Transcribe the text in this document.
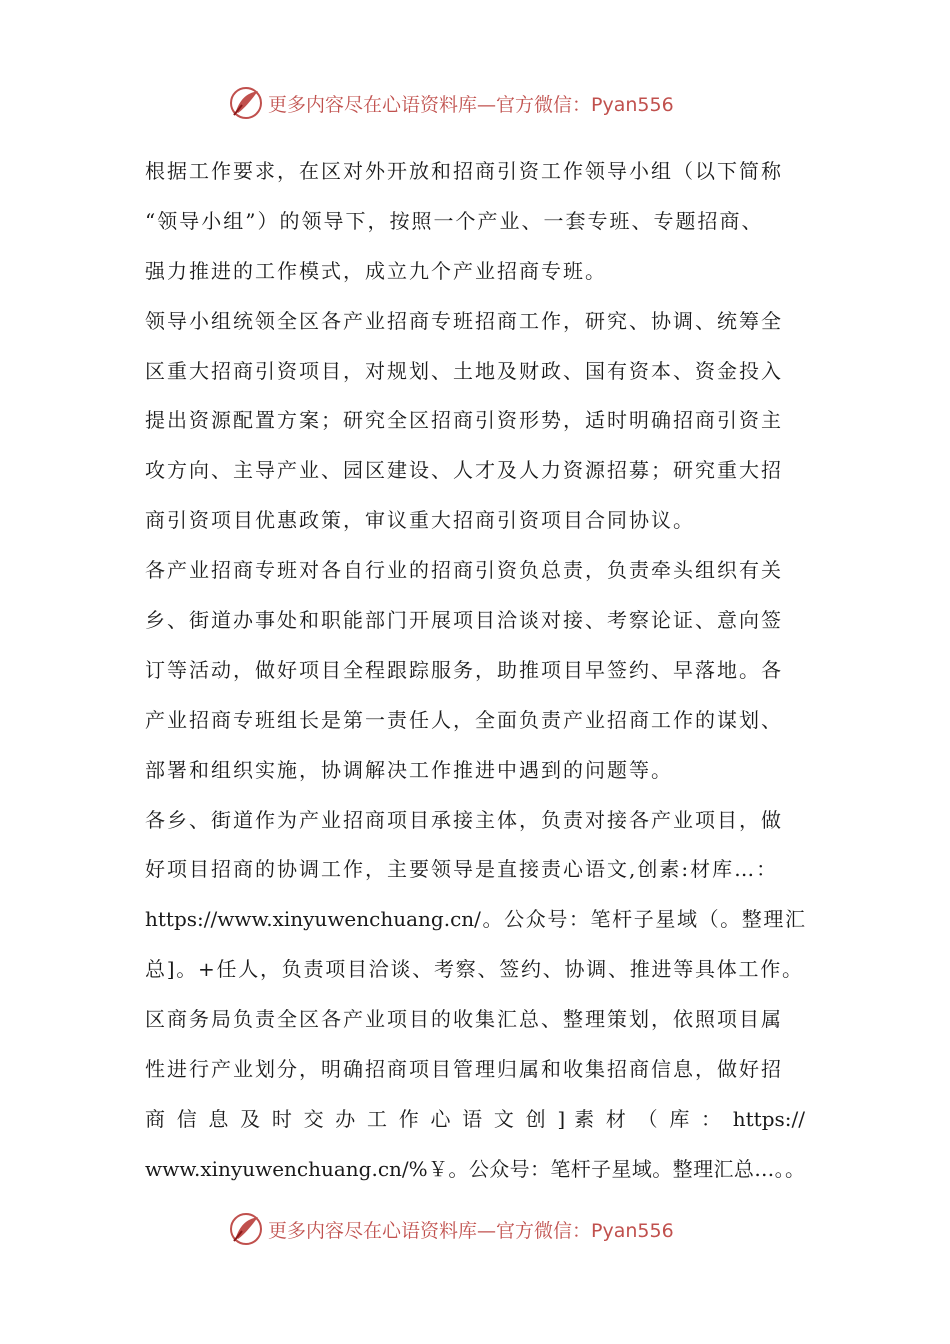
更多内容尽在心语资料库—官方微信：Pyan556
根据工作要求，在区对外开放和招商引资工作领导小组（以下简称
“领导小组”）的领导下，按照一个产业、一套专班、专题招商、
强力推进的工作模式，成立九个产业招商专班。
领导小组统领全区各产业招商专班招商工作，研究、协调、统筹全
区重大招商引资项目，对规划、土地及财政、国有资本、资金投入
提出资源配置方案；研究全区招商引资形势，适时明确招商引资主
攻方向、主导产业、园区建设、人才及人力资源招募；研究重大招
商引资项目优惠政策，审议重大招商引资项目合同协议。
各产业招商专班对各自行业的招商引资负总责，负责牵头组织有关
乡、街道办事处和职能部门开展项目洽谈对接、考察论证、意向签
订等活动，做好项目全程跟踪服务，助推项目早签约、早落地。各
产业招商专班组长是第一责任人，全面负责产业招商工作的谋划、
部署和组织实施，协调解决工作推进中遇到的问题等。
各乡、街道作为产业招商项目承接主体，负责对接各产业项目，做
好项目招商的协调工作，主要领导是直接责心语文,创素:材库…：
https://www.xinyuwenchuang.cn/。公众号：笔杆子星域（。整理汇
总]。+任人，负责项目洽谈、考察、签约、协调、推进等具体工作。
区商务局负责全区各产业项目的收集汇总、整理策划，依照项目属
性进行产业划分，明确招商项目管理归属和收集招商信息，做好招
商 信 息 及 时 交 办 工 作 心 语 文 创 ] 素 材 （ 库 ： https://
www.xinyuwenchuang.cn/%￥。公众号：笔杆子星域。整理汇总…。。
更多内容尽在心语资料库—官方微信：Pyan556
